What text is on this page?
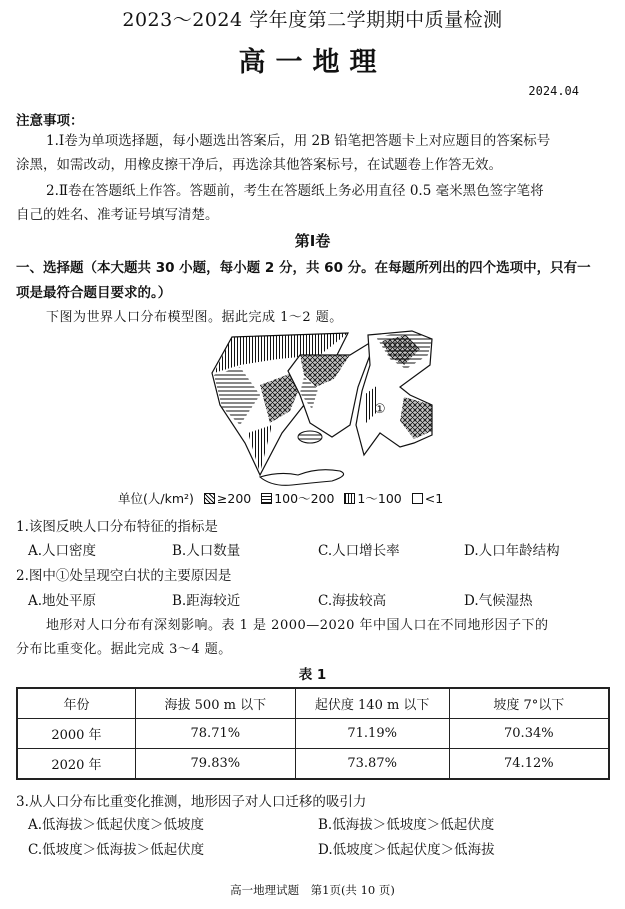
2023～2024 学年度第二学期期中质量检测
高一地理
2024.04
注意事项：
1.Ⅰ卷为单项选择题，每小题选出答案后，用 2B 铅笔把答题卡上对应题目的答案标号
涂黑，如需改动，用橡皮擦干净后，再选涂其他答案标号，在试题卷上作答无效。
2.Ⅱ卷在答题纸上作答。答题前，考生在答题纸上务必用直径 0.5 毫米黑色签字笔将
自己的姓名、准考证号填写清楚。
第Ⅰ卷
一、选择题（本大题共 30 小题，每小题 2 分，共 60 分。在每题所列出的四个选项中，只有一
项是最符合题目要求的。）
下图为世界人口分布模型图。据此完成 1～2 题。
①
单位(人/km²) ≥200 100～200 1～100 <1
1.该图反映人口分布特征的指标是
A.人口密度	B.人口数量	C.人口增长率	D.人口年龄结构
2.图中①处呈现空白状的主要原因是
A.地处平原	B.距海较近	C.海拔较高	D.气候湿热
地形对人口分布有深刻影响。表 1 是 2000—2020 年中国人口在不同地形因子下的
分布比重变化。据此完成 3～4 题。
表 1
年份	海拔 500 m 以下	起伏度 140 m 以下	坡度 7°以下
2000 年	78.71%	71.19%	70.34%
2020 年	79.83%	73.87%	74.12%
3.从人口分布比重变化推测，地形因子对人口迁移的吸引力
A.低海拔＞低起伏度＞低坡度	B.低海拔＞低坡度＞低起伏度
C.低坡度＞低海拔＞低起伏度	D.低坡度＞低起伏度＞低海拔
高一地理试题　第1页(共 10 页)
